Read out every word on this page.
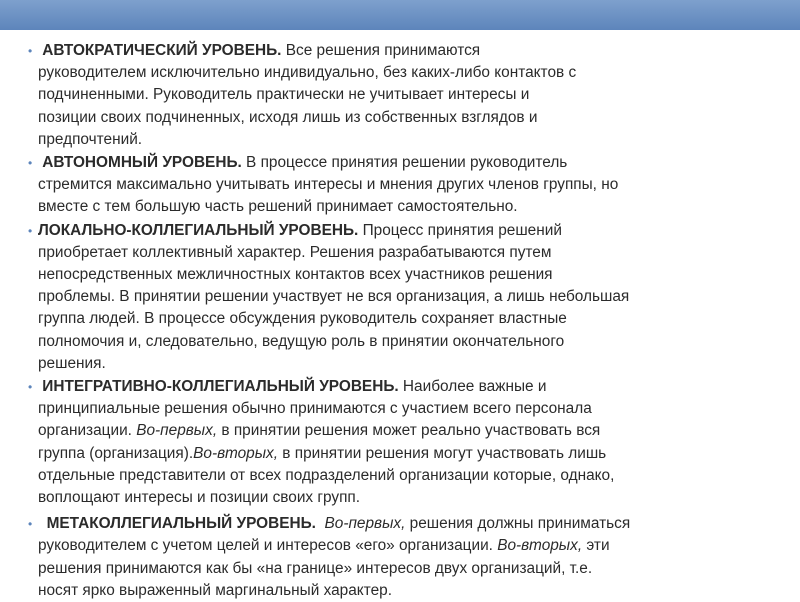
• АВТОКРАТИЧЕСКИЙ УРОВЕНЬ. Все решения принимаются
руководителем исключительно индивидуально, без каких-либо контактов с
подчиненными. Руководитель практически не учитывает интересы и
позиции своих подчиненных, исходя лишь из собственных взглядов и
предпочтений.
• АВТОНОМНЫЙ УРОВЕНЬ. В процессе принятия решении руководитель
стремится максимально учитывать интересы и мнения других членов группы, но
вместе с тем большую часть решений принимает самостоятельно.
• ЛОКАЛЬНО-КОЛЛЕГИАЛЬНЫЙ УРОВЕНЬ. Процесс принятия решений
приобретает коллективный характер. Решения разрабатываются путем
непосредственных межличностных контактов всех участников решения
проблемы. В принятии решении участвует не вся организация, а лишь небольшая
группа людей. В процессе обсуждения руководитель сохраняет властные
полномочия и, следовательно, ведущую роль в принятии окончательного
решения.
• ИНТЕГРАТИВНО-КОЛЛЕГИАЛЬНЫЙ УРОВЕНЬ. Наиболее важные и
принципиальные решения обычно принимаются с участием всего персонала
организации. Во-первых, в принятии решения может реально участвовать вся
группа (организация).Во-вторых, в принятии решения могут участвовать лишь
отдельные представители от всех подразделений организации которые, однако,
воплощают интересы и позиции своих групп.
• МЕТАКОЛЛЕГИАЛЬНЫЙ УРОВЕНЬ. Во-первых, решения должны приниматься
руководителем с учетом целей и интересов «его» организации. Во-вторых, эти
решения принимаются как бы «на границе» интересов двух организаций, т.е.
носят ярко выраженный маргинальный характер.
